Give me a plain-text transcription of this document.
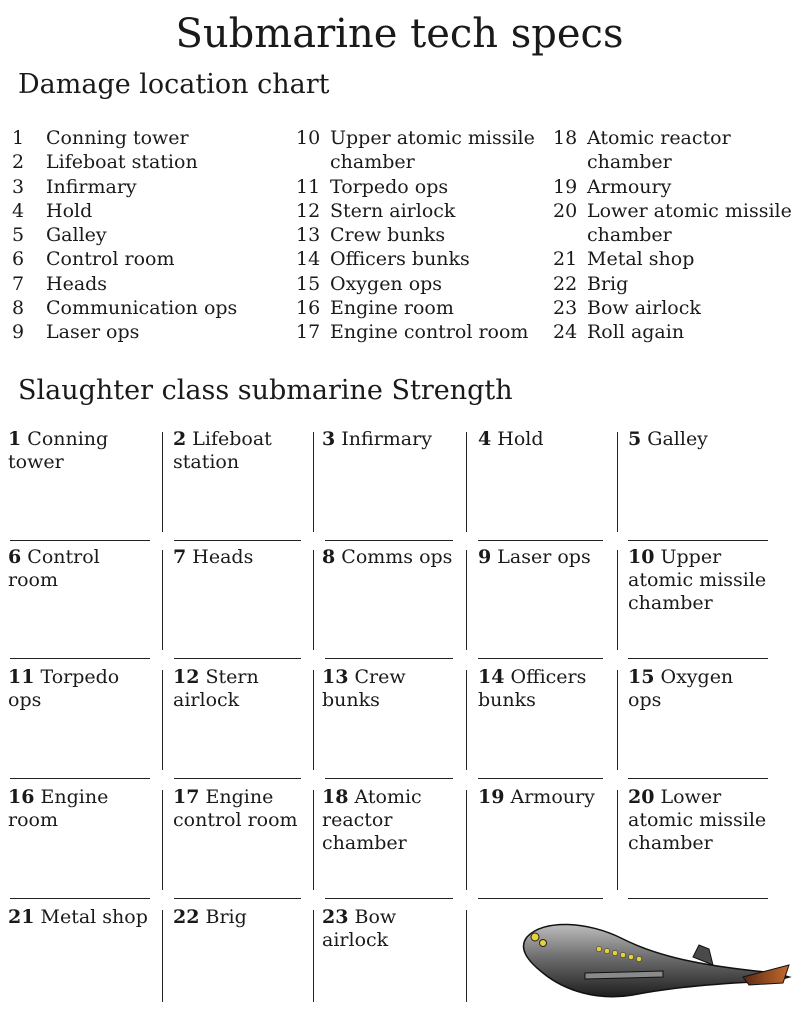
Submarine tech specs
Damage location chart
1	Conning tower
2	Lifeboat station
3	Infirmary
4	Hold
5	Galley
6	Control room
7	Heads
8	Communication ops
9	Laser ops
10 Upper atomic missile chamber
11 Torpedo ops
12 Stern airlock
13 Crew bunks
14 Officers bunks
15 Oxygen ops
16 Engine room
17 Engine control room
18 Atomic reactor chamber
19 Armoury
20 Lower atomic missile chamber
21 Metal shop
22 Brig
23 Bow airlock
24 Roll again
Slaughter class submarine Strength
1 Conning tower
2 Lifeboat station
3 Infirmary	4 Hold	5 Galley
6 Control room
7 Heads	8 Comms ops	9 Laser ops	10 Upper atomic missile chamber
11 Torpedo ops
12 Stern airlock
13 Crew bunks
14 Officers bunks
15 Oxygen ops
16 Engine room
17 Engine control room
18 Atomic reactor chamber
19 Armoury	20 Lower atomic missile chamber
21 Metal shop 22 Brig	23 Bow airlock
